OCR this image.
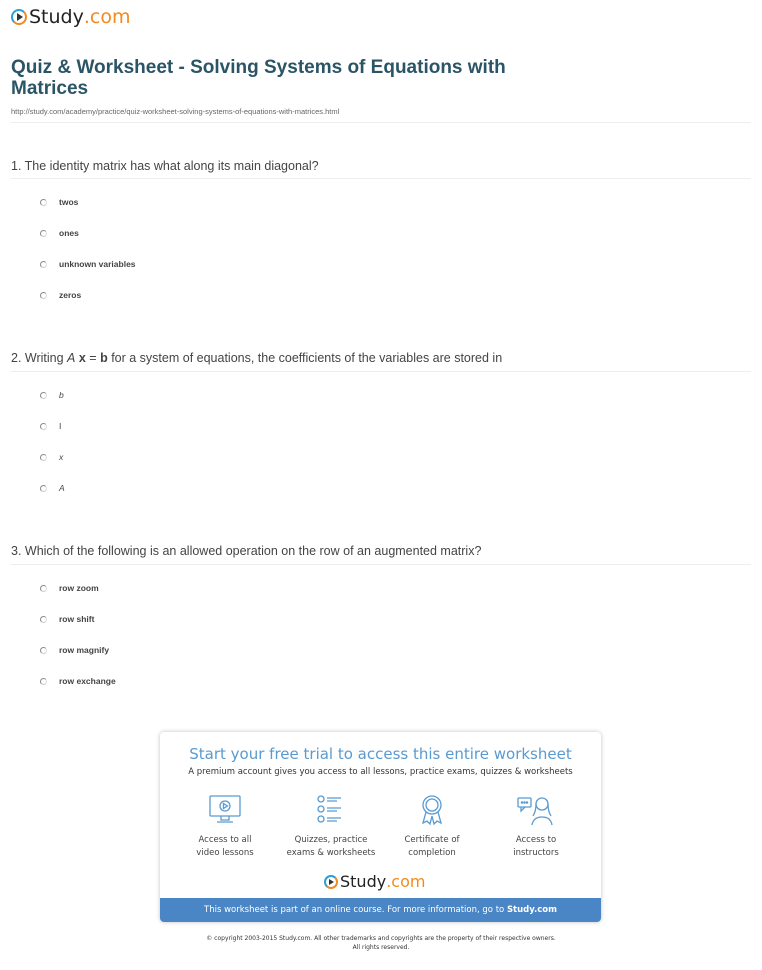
Study .com
Quiz & Worksheet - Solving Systems of Equations with Matrices
http://study.com/academy/practice/quiz-worksheet-solving-systems-of-equations-with-matrices.html
1. The identity matrix has what along its main diagonal?
twos
ones
unknown variables
zeros
2. Writing A x = b for a system of equations, the coefficients of the variables are stored in
b
I
x
A
3. Which of the following is an allowed operation on the row of an augmented matrix?
row zoom
row shift
row magnify
row exchange
Start your free trial to access this entire worksheet
A premium account gives you access to all lessons, practice exams, quizzes & worksheets
Access to all
video lessons
Quizzes, practice
exams & worksheets
Certificate of
completion
Access to
instructors
Study .com
This worksheet is part of an online course. For more information, go to Study.com
© copyright 2003-2015 Study.com. All other trademarks and copyrights are the property of their respective owners.
All rights reserved.
